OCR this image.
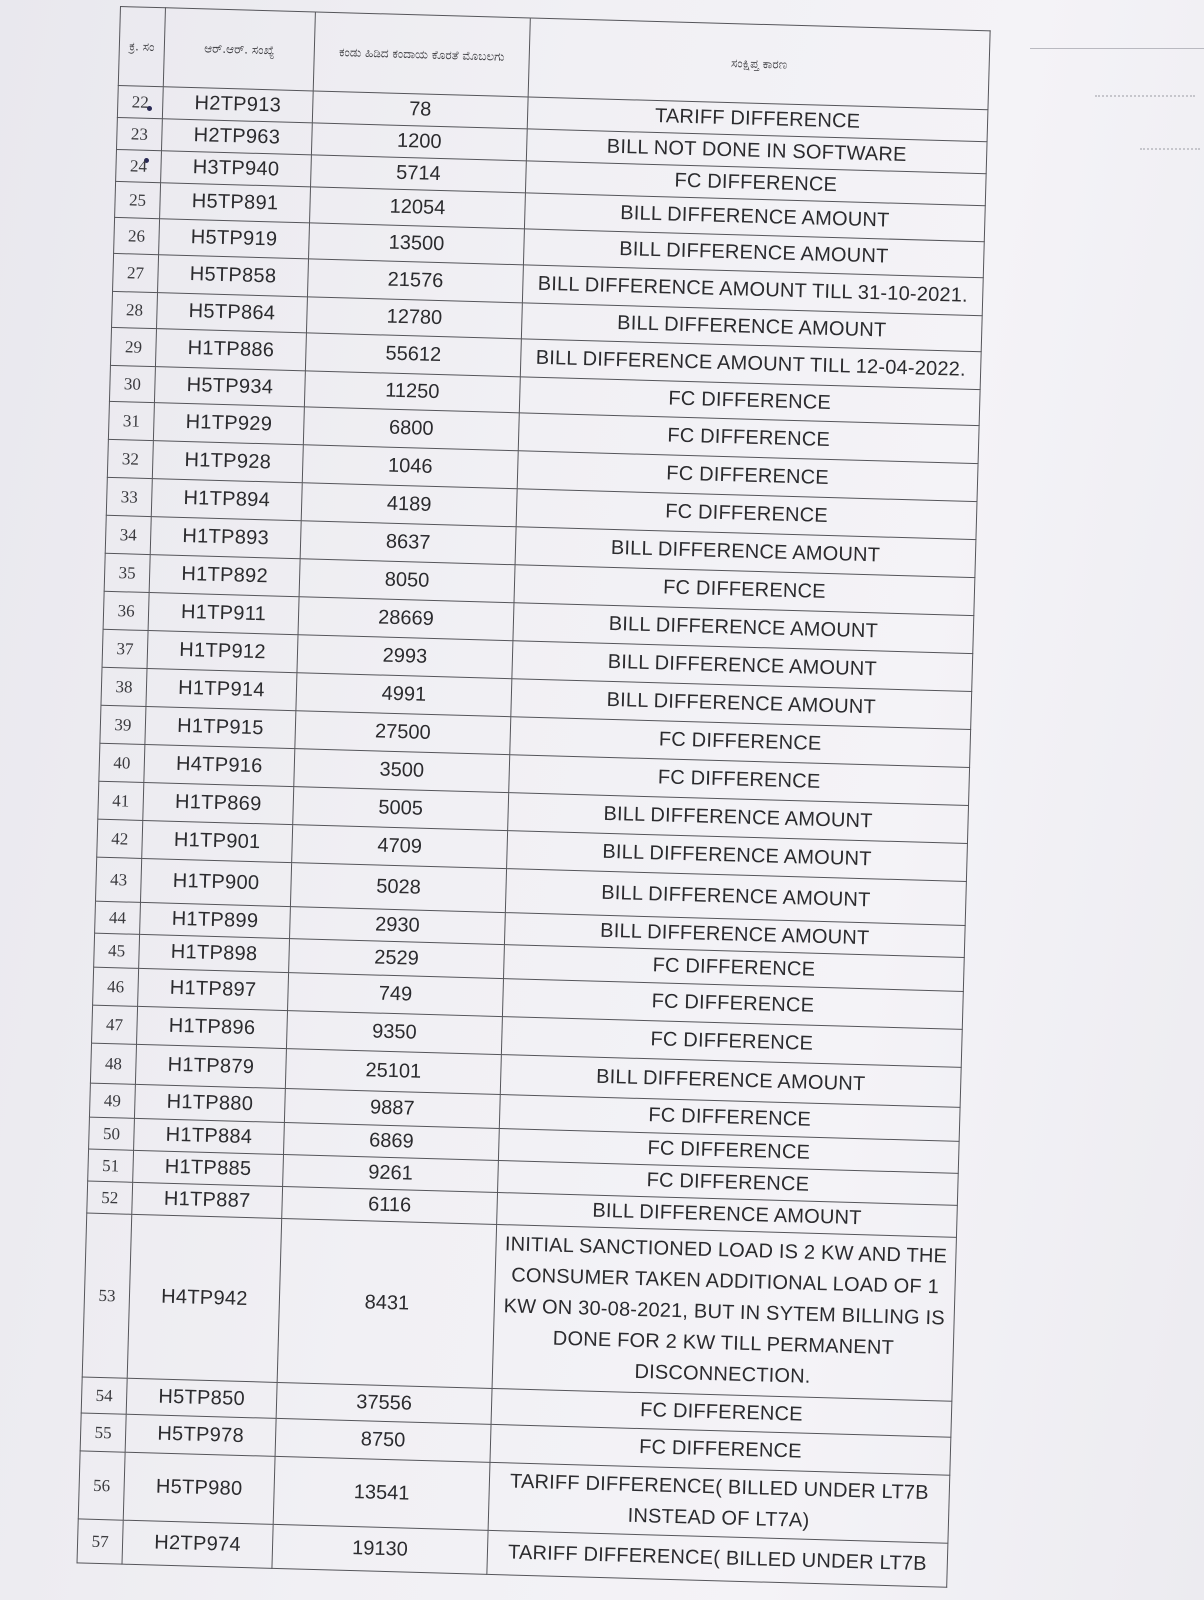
ಕ್ರ. ಸಂ	ಆರ್.ಆರ್. ಸಂಖ್ಯೆ	ಕಂಡು ಹಿಡಿದ ಕಂದಾಯ ಕೊರತೆ ಮೊಬಲಗು	ಸಂಕ್ಷಿಪ್ತ ಕಾರಣ
22	H2TP913	78	TARIFF DIFFERENCE
23	H2TP963	1200	BILL NOT DONE IN SOFTWARE
24	H3TP940	5714	FC DIFFERENCE
25	H5TP891	12054	BILL DIFFERENCE AMOUNT
26	H5TP919	13500	BILL DIFFERENCE AMOUNT
27	H5TP858	21576	BILL DIFFERENCE AMOUNT TILL 31-10-2021.
28	H5TP864	12780	BILL DIFFERENCE AMOUNT
29	H1TP886	55612	BILL DIFFERENCE AMOUNT TILL 12-04-2022.
30	H5TP934	11250	FC DIFFERENCE
31	H1TP929	6800	FC DIFFERENCE
32	H1TP928	1046	FC DIFFERENCE
33	H1TP894	4189	FC DIFFERENCE
34	H1TP893	8637	BILL DIFFERENCE AMOUNT
35	H1TP892	8050	FC DIFFERENCE
36	H1TP911	28669	BILL DIFFERENCE AMOUNT
37	H1TP912	2993	BILL DIFFERENCE AMOUNT
38	H1TP914	4991	BILL DIFFERENCE AMOUNT
39	H1TP915	27500	FC DIFFERENCE
40	H4TP916	3500	FC DIFFERENCE
41	H1TP869	5005	BILL DIFFERENCE AMOUNT
42	H1TP901	4709	BILL DIFFERENCE AMOUNT
43	H1TP900	5028	BILL DIFFERENCE AMOUNT
44	H1TP899	2930	BILL DIFFERENCE AMOUNT
45	H1TP898	2529	FC DIFFERENCE
46	H1TP897	749	FC DIFFERENCE
47	H1TP896	9350	FC DIFFERENCE
48	H1TP879	25101	BILL DIFFERENCE AMOUNT
49	H1TP880	9887	FC DIFFERENCE
50	H1TP884	6869	FC DIFFERENCE
51	H1TP885	9261	FC DIFFERENCE
52	H1TP887	6116	BILL DIFFERENCE AMOUNT
53	H4TP942	8431	INITIAL SANCTIONED LOAD IS 2 KW AND THE CONSUMER TAKEN ADDITIONAL LOAD OF 1 KW ON 30-08-2021, BUT IN SYTEM BILLING IS DONE FOR 2 KW TILL PERMANENT DISCONNECTION.
54	H5TP850	37556	FC DIFFERENCE
55	H5TP978	8750	FC DIFFERENCE
56	H5TP980	13541	TARIFF DIFFERENCE( BILLED UNDER LT7B INSTEAD OF LT7A)
57	H2TP974	19130	TARIFF DIFFERENCE( BILLED UNDER LT7B
